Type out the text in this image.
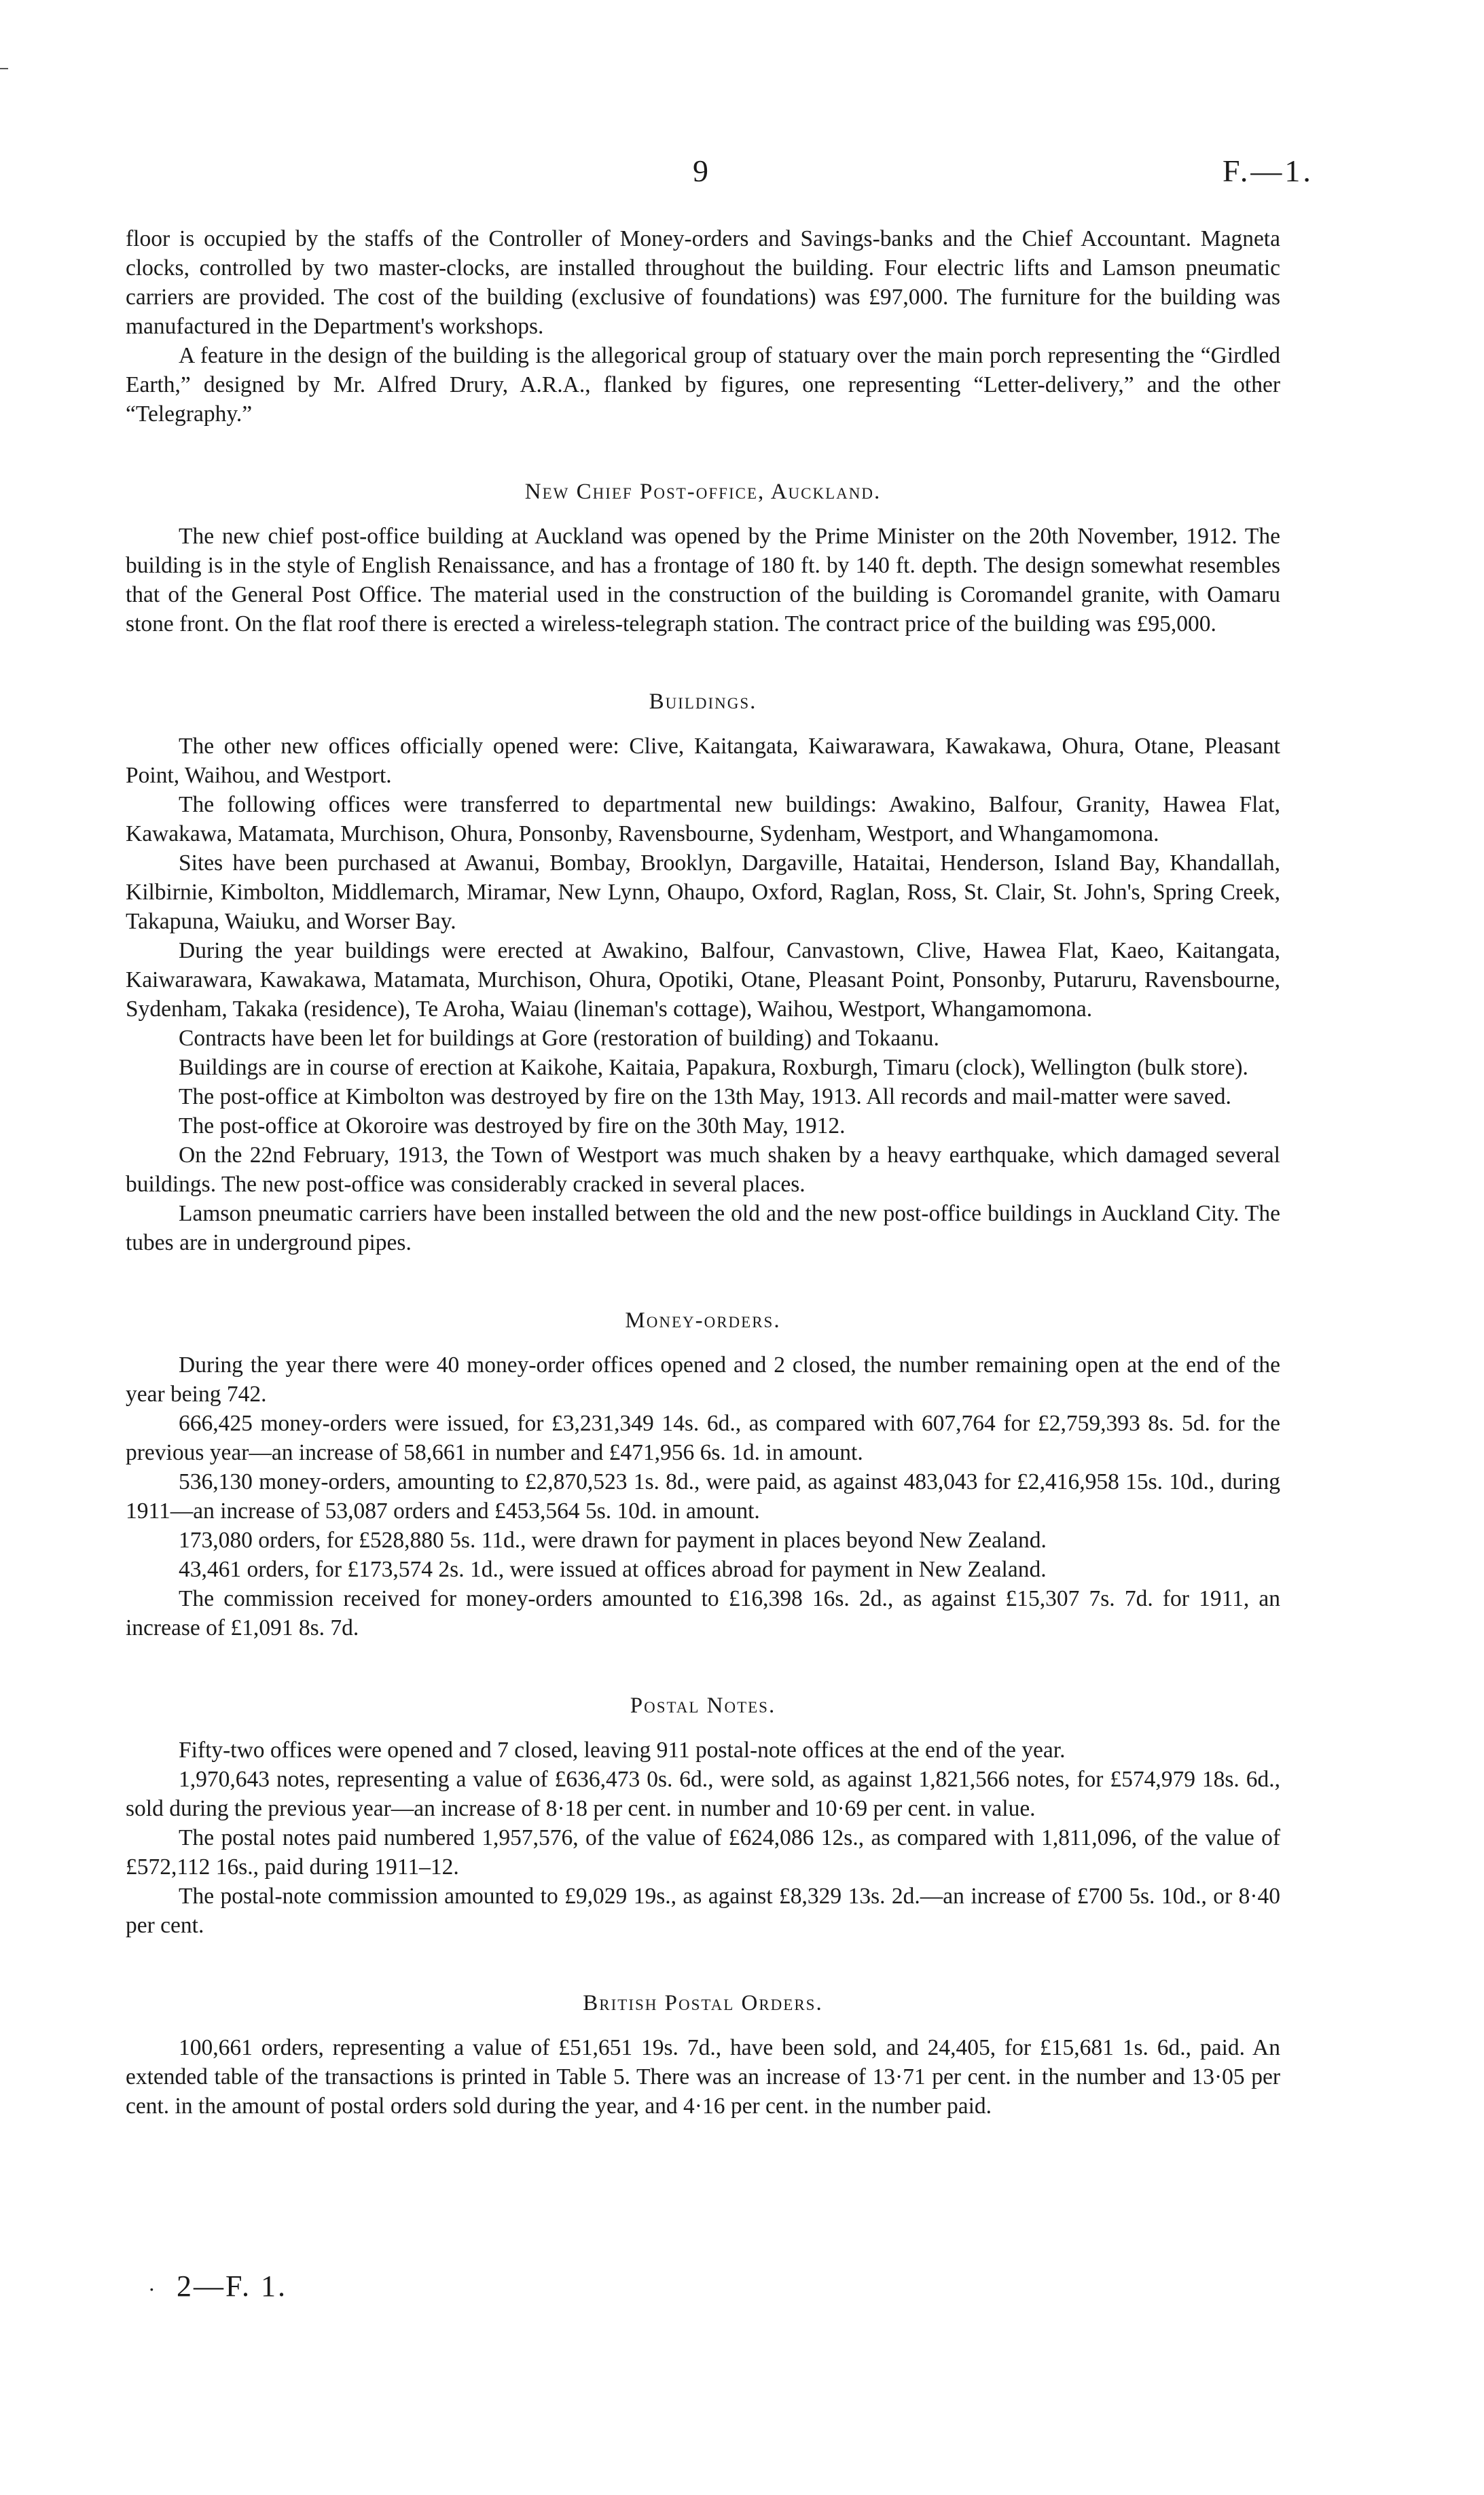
9	F.—1.

floor is occupied by the staffs of the Controller of Money-orders and Savings-banks and the Chief Accountant. Magneta clocks, controlled by two master-clocks, are installed throughout the building. Four electric lifts and Lamson pneumatic carriers are provided. The cost of the building (exclusive of foundations) was £97,000. The furniture for the building was manufactured in the Department's workshops.

A feature in the design of the building is the allegorical group of statuary over the main porch representing the “Girdled Earth,” designed by Mr. Alfred Drury, A.R.A., flanked by figures, one representing “Letter-delivery,” and the other “Telegraphy.”

New Chief Post-office, Auckland.

The new chief post-office building at Auckland was opened by the Prime Minister on the 20th November, 1912. The building is in the style of English Renaissance, and has a frontage of 180 ft. by 140 ft. depth. The design somewhat resembles that of the General Post Office. The material used in the construction of the building is Coromandel granite, with Oamaru stone front. On the flat roof there is erected a wireless-telegraph station. The contract price of the building was £95,000.

Buildings.

The other new offices officially opened were: Clive, Kaitangata, Kaiwarawara, Kawakawa, Ohura, Otane, Pleasant Point, Waihou, and Westport.

The following offices were transferred to departmental new buildings: Awakino, Balfour, Granity, Hawea Flat, Kawakawa, Matamata, Murchison, Ohura, Ponsonby, Ravensbourne, Sydenham, Westport, and Whangamomona.

Sites have been purchased at Awanui, Bombay, Brooklyn, Dargaville, Hataitai, Henderson, Island Bay, Khandallah, Kilbirnie, Kimbolton, Middlemarch, Miramar, New Lynn, Ohaupo, Oxford, Raglan, Ross, St. Clair, St. John's, Spring Creek, Takapuna, Waiuku, and Worser Bay.

During the year buildings were erected at Awakino, Balfour, Canvastown, Clive, Hawea Flat, Kaeo, Kaitangata, Kaiwarawara, Kawakawa, Matamata, Murchison, Ohura, Opotiki, Otane, Pleasant Point, Ponsonby, Putaruru, Ravensbourne, Sydenham, Takaka (residence), Te Aroha, Waiau (lineman's cottage), Waihou, Westport, Whangamomona.

Contracts have been let for buildings at Gore (restoration of building) and Tokaanu.

Buildings are in course of erection at Kaikohe, Kaitaia, Papakura, Roxburgh, Timaru (clock), Wellington (bulk store).

The post-office at Kimbolton was destroyed by fire on the 13th May, 1913. All records and mail-matter were saved.

The post-office at Okoroire was destroyed by fire on the 30th May, 1912.

On the 22nd February, 1913, the Town of Westport was much shaken by a heavy earthquake, which damaged several buildings. The new post-office was considerably cracked in several places.

Lamson pneumatic carriers have been installed between the old and the new post-office buildings in Auckland City. The tubes are in underground pipes.

Money-orders.

During the year there were 40 money-order offices opened and 2 closed, the number remaining open at the end of the year being 742.

666,425 money-orders were issued, for £3,231,349 14s. 6d., as compared with 607,764 for £2,759,393 8s. 5d. for the previous year—an increase of 58,661 in number and £471,956 6s. 1d. in amount.

536,130 money-orders, amounting to £2,870,523 1s. 8d., were paid, as against 483,043 for £2,416,958 15s. 10d., during 1911—an increase of 53,087 orders and £453,564 5s. 10d. in amount.

173,080 orders, for £528,880 5s. 11d., were drawn for payment in places beyond New Zealand.

43,461 orders, for £173,574 2s. 1d., were issued at offices abroad for payment in New Zealand.

The commission received for money-orders amounted to £16,398 16s. 2d., as against £15,307 7s. 7d. for 1911, an increase of £1,091 8s. 7d.

Postal Notes.

Fifty-two offices were opened and 7 closed, leaving 911 postal-note offices at the end of the year.

1,970,643 notes, representing a value of £636,473 0s. 6d., were sold, as against 1,821,566 notes, for £574,979 18s. 6d., sold during the previous year—an increase of 8·18 per cent. in number and 10·69 per cent. in value.

The postal notes paid numbered 1,957,576, of the value of £624,086 12s., as compared with 1,811,096, of the value of £572,112 16s., paid during 1911–12.

The postal-note commission amounted to £9,029 19s., as against £8,329 13s. 2d.—an increase of £700 5s. 10d., or 8·40 per cent.

British Postal Orders.

100,661 orders, representing a value of £51,651 19s. 7d., have been sold, and 24,405, for £15,681 1s. 6d., paid. An extended table of the transactions is printed in Table 5. There was an increase of 13·71 per cent. in the number and 13·05 per cent. in the amount of postal orders sold during the year, and 4·16 per cent. in the number paid.

· 2—F. 1.
